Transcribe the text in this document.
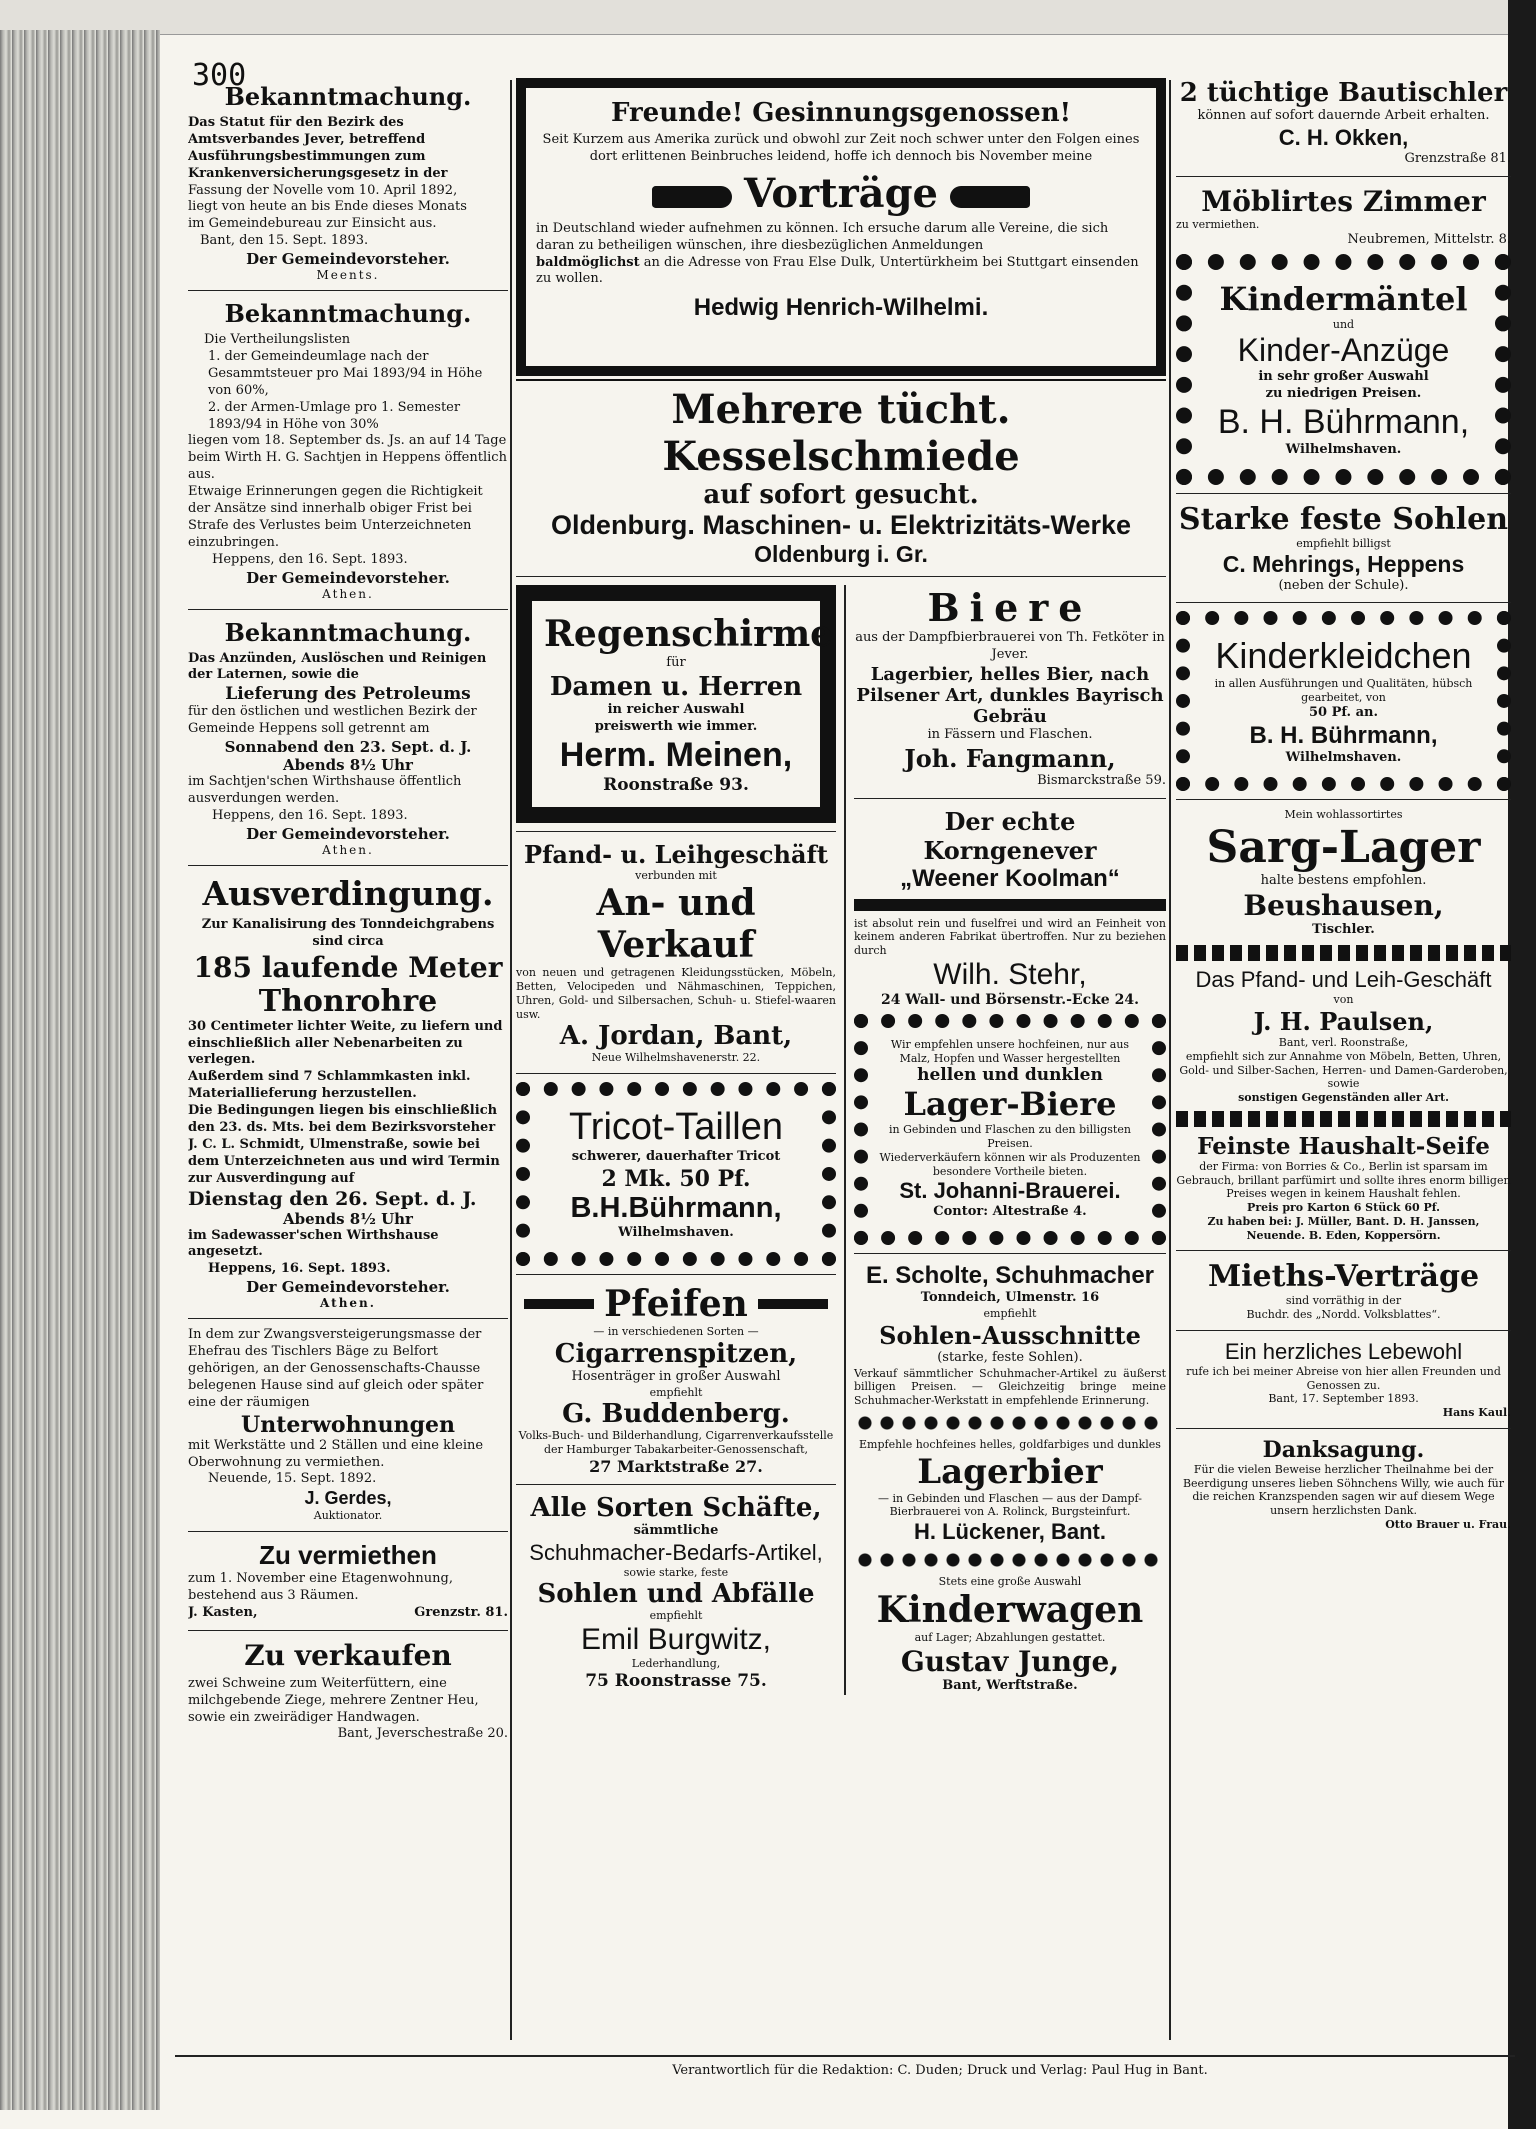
300
Bekanntmachung.
Das Statut für den Bezirk des
Amtsverbandes Jever, betreffend
Ausführungsbestimmungen zum
Krankenversicherungsgesetz in der
Fassung der Novelle vom 10. April 1892,
liegt von heute an bis Ende dieses Monats
im Gemeindebureau zur Einsicht aus.
Bant, den 15. Sept. 1893.
Der Gemeindevorsteher.
Meents.
Bekanntmachung.

Die Vertheilungslisten

1. der Gemeindeumlage nach der Gesammtsteuer pro Mai 1893/94 in Höhe von 60%,

2. der Armen-Umlage pro 1. Semester 1893/94 in Höhe von 30%

liegen vom 18. September ds. Js. an auf 14 Tage beim Wirth H. G. Sachtjen in Heppens öffentlich aus.

Etwaige Erinnerungen gegen die Richtigkeit der Ansätze sind innerhalb obiger Frist bei Strafe des Verlustes beim Unterzeichneten einzubringen.

Heppens, den 16. Sept. 1893.
Der Gemeindevorsteher.
Athen.
Bekanntmachung.

Das Anzünden, Auslöschen und Reinigen der Laternen, sowie die

Lieferung des Petroleums

für den östlichen und westlichen Bezirk der Gemeinde Heppens soll getrennt am

Sonnabend den 23. Sept. d. J.
Abends 8½ Uhr

im Sachtjen'schen Wirthshause öffentlich ausverdungen werden.

Heppens, den 16. Sept. 1893.
Der Gemeindevorsteher.
Athen.
Ausverdingung.

Zur Kanalisirung des Tonndeichgrabens sind circa

185 laufende Meter
Thonrohre

30 Centimeter lichter Weite, zu liefern und einschließlich aller Nebenarbeiten zu verlegen.

Außerdem sind 7 Schlammkasten inkl. Materiallieferung herzustellen.

Die Bedingungen liegen bis einschließlich den 23. ds. Mts. bei dem Bezirksvorsteher J. C. L. Schmidt, Ulmenstraße, sowie bei dem Unterzeichneten aus und wird Termin zur Ausverdingung auf

Dienstag den 26. Sept. d. J.
Abends 8½ Uhr

im Sadewasser'schen Wirthshause angesetzt.

Heppens, 16. Sept. 1893.
Der Gemeindevorsteher.
Athen.

In dem zur Zwangsversteigerungsmasse der Ehefrau des Tischlers Bäge zu Belfort gehörigen, an der Genossenschafts-Chausse belegenen Hause sind auf gleich oder später eine der räumigen

Unterwohnungen

mit Werkstätte und 2 Ställen und eine kleine Oberwohnung zu vermiethen.

Neuende, 15. Sept. 1892.
J. Gerdes,
Auktionator.
Zu vermiethen

zum 1. November eine Etagenwohnung, bestehend aus 3 Räumen.

J. Kasten,	Grenzstr. 81.
Zu verkaufen

zwei Schweine zum Weiterfüttern, eine milchgebende Ziege, mehrere Zentner Heu, sowie ein zweirädiger Handwagen.

Bant, Jeverschestraße 20.
Freunde! Gesinnungsgenossen!

Seit Kurzem aus Amerika zurück und obwohl zur Zeit noch schwer unter den Folgen eines dort erlittenen Beinbruches leidend, hoffe ich dennoch bis November meine

Vorträge

in Deutschland wieder aufnehmen zu können. Ich ersuche darum alle Vereine, die sich daran zu betheiligen wünschen, ihre diesbezüglichen Anmeldungen

baldmöglichst an die Adresse von Frau Else Dulk, Untertürkheim bei Stuttgart einsenden zu wollen.

Hedwig Henrich-Wilhelmi.
Mehrere tücht. Kesselschmiede
auf sofort gesucht.
Oldenburg. Maschinen- u. Elektrizitäts-Werke
Oldenburg i. Gr.
Regenschirme
für
Damen u. Herren
in reicher Auswahl
preiswerth wie immer.
Herm. Meinen,
Roonstraße 93.
Pfand- u. Leihgeschäft
verbunden mit
An- und Verkauf

von neuen und getragenen Kleidungsstücken, Möbeln, Betten, Velocipeden und Nähmaschinen, Teppichen, Uhren, Gold- und Silbersachen, Schuh- u. Stiefel-waaren usw.

A. Jordan, Bant,
Neue Wilhelmshavenerstr. 22.
Tricot-Taillen
schwerer, dauerhafter Tricot
2 Mk. 50 Pf.
B.H.Bührmann,
Wilhelmshaven.
Pfeifen
— in verschiedenen Sorten —
Cigarrenspitzen,
Hosenträger in großer Auswahl
empfiehlt
G. Buddenberg.

Volks-Buch- und Bilderhandlung, Cigarrenverkaufsstelle der Hamburger Tabakarbeiter-Genossenschaft,

27 Marktstraße 27.
Alle Sorten Schäfte,
sämmtliche
Schuhmacher-Bedarfs-Artikel,
sowie starke, feste
Sohlen und Abfälle
empfiehlt
Emil Burgwitz,
Lederhandlung,
75 Roonstrasse 75.
Biere

aus der Dampfbierbrauerei von Th. Fetköter in Jever.

Lagerbier, helles Bier, nach Pilsener Art, dunkles Bayrisch Gebräu

in Fässern und Flaschen.
Joh. Fangmann,
Bismarckstraße 59.
Der echte Korngenever
„Weener Koolman“

ist absolut rein und fuselfrei und wird an Feinheit von keinem anderen Fabrikat übertroffen. Nur zu beziehen durch

Wilh. Stehr,
24 Wall- und Börsenstr.-Ecke 24.

Wir empfehlen unsere hochfeinen, nur aus Malz, Hopfen und Wasser hergestellten

hellen und dunklen
Lager-Biere

in Gebinden und Flaschen zu den billigsten Preisen.

Wiederverkäufern können wir als Produzenten besondere Vortheile bieten.

St. Johanni-Brauerei.
Contor: Altestraße 4.
E. Scholte, Schuhmacher
Tonndeich, Ulmenstr. 16
empfiehlt
Sohlen-Ausschnitte
(starke, feste Sohlen).

Verkauf sämmtlicher Schuhmacher-Artikel zu äußerst billigen Preisen. — Gleichzeitig bringe meine Schuhmacher-Werkstatt in empfehlende Erinnerung.

Empfehle hochfeines helles, goldfarbiges und dunkles

Lagerbier

— in Gebinden und Flaschen — aus der Dampf-Bierbrauerei von A. Rolinck, Burgsteinfurt.

H. Lückener, Bant.
Stets eine große Auswahl
Kinderwagen
auf Lager; Abzahlungen gestattet.
Gustav Junge,
Bant, Werftstraße.
2 tüchtige Bautischler
können auf sofort dauernde Arbeit erhalten.
C. H. Okken,
Grenzstraße 81.
Möblirtes Zimmer
zu vermiethen.
Neubremen, Mittelstr. 8.
Kindermäntel
und
Kinder-Anzüge
in sehr großer Auswahl
zu niedrigen Preisen.
B. H. Bührmann,
Wilhelmshaven.
Starke feste Sohlen
empfiehlt billigst
C. Mehrings, Heppens
(neben der Schule).
Kinderkleidchen

in allen Ausführungen und Qualitäten, hübsch gearbeitet, von

50 Pf. an.
B. H. Bührmann,
Wilhelmshaven.
Mein wohlassortirtes
Sarg-Lager
halte bestens empfohlen.
Beushausen,
Tischler.
Das Pfand- und Leih-Geschäft
von
J. H. Paulsen,
Bant, verl. Roonstraße,

empfiehlt sich zur Annahme von Möbeln, Betten, Uhren, Gold- und Silber-Sachen, Herren- und Damen-Garderoben, sowie

sonstigen Gegenständen aller Art.
Feinste Haushalt-Seife

der Firma: von Borries & Co., Berlin ist sparsam im Gebrauch, brillant parfümirt und sollte ihres enorm billigen Preises wegen in keinem Haushalt fehlen.

Preis pro Karton 6 Stück 60 Pf.
Zu haben bei: J. Müller, Bant. D. H. Janssen,
Neuende. B. Eden, Koppersörn.
Mieths-Verträge
sind vorräthig in der
Buchdr. des „Nordd. Volksblattes“.
Ein herzliches Lebewohl

rufe ich bei meiner Abreise von hier allen Freunden und Genossen zu.

Bant, 17. September 1893.
Hans Kaul.
Danksagung.

Für die vielen Beweise herzlicher Theilnahme bei der Beerdigung unseres lieben Söhnchens Willy, wie auch für die reichen Kranzspenden sagen wir auf diesem Wege unsern herzlichsten Dank.

Otto Brauer u. Frau.
Verantwortlich für die Redaktion: C. Duden; Druck und Verlag: Paul Hug in Bant.
